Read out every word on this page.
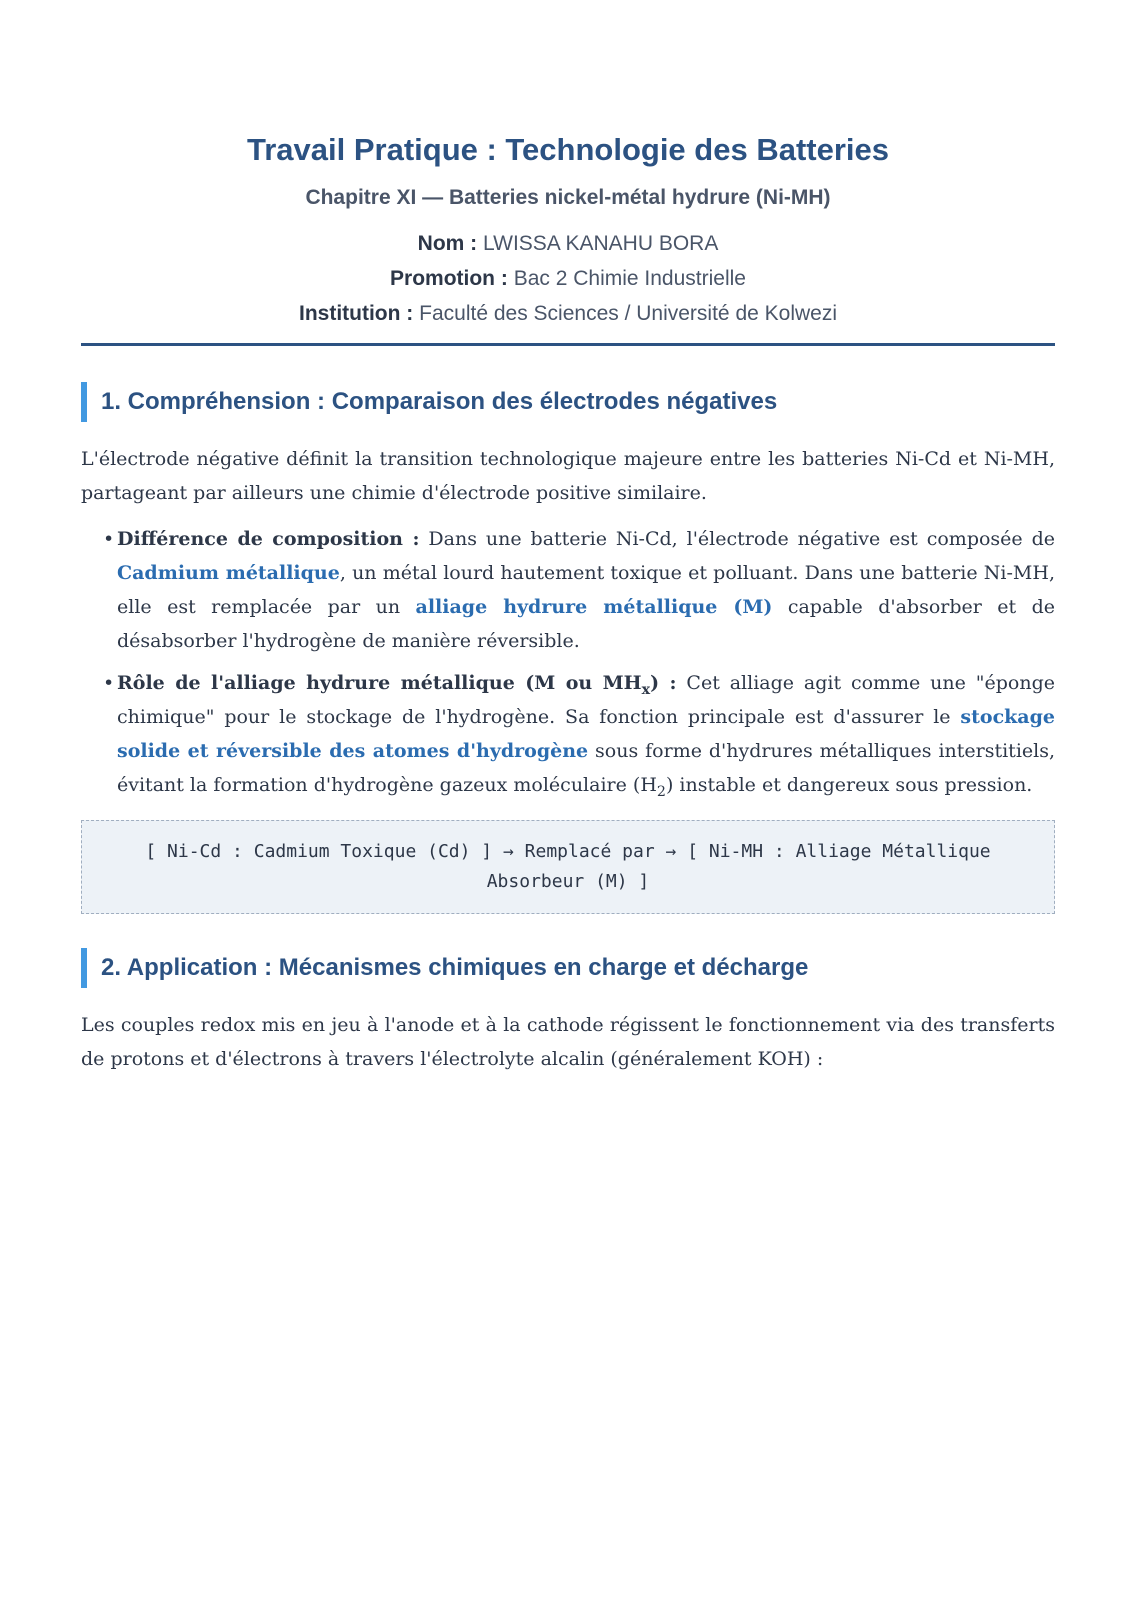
Travail Pratique : Technologie des Batteries
Chapitre XI — Batteries nickel-métal hydrure (Ni-MH)
Nom : LWISSA KANAHU BORA
Promotion : Bac 2 Chimie Industrielle
Institution : Faculté des Sciences / Université de Kolwezi
1. Compréhension : Comparaison des électrodes négatives

L'électrode négative définit la transition technologique majeure entre les batteries Ni-Cd et Ni-MH, partageant par ailleurs une chimie d'électrode positive similaire.

• Différence de composition : Dans une batterie Ni-Cd, l'électrode négative est composée de Cadmium métallique, un métal lourd hautement toxique et polluant. Dans une batterie Ni-MH, elle est remplacée par un alliage hydrure métallique (M) capable d'absorber et de désabsorber l'hydrogène de manière réversible.
• Rôle de l'alliage hydrure métallique (M ou $MH_x$) : Cet alliage agit comme une "éponge chimique" pour le stockage de l'hydrogène. Sa fonction principale est d'assurer le stockage solide et réversible des atomes d'hydrogène sous forme d'hydrures métalliques interstitiels, évitant la formation d'hydrogène gazeux moléculaire $(H_2)$ instable et dangereux sous pression.
[ Ni-Cd : Cadmium Toxique (Cd) ] → Remplacé par → [ Ni-MH : Alliage Métallique Absorbeur (M) ]
2. Application : Mécanismes chimiques en charge et décharge

Les couples redox mis en jeu à l'anode et à la cathode régissent le fonctionnement via des transferts de protons et d'électrons à travers l'électrolyte alcalin (généralement KOH) :
